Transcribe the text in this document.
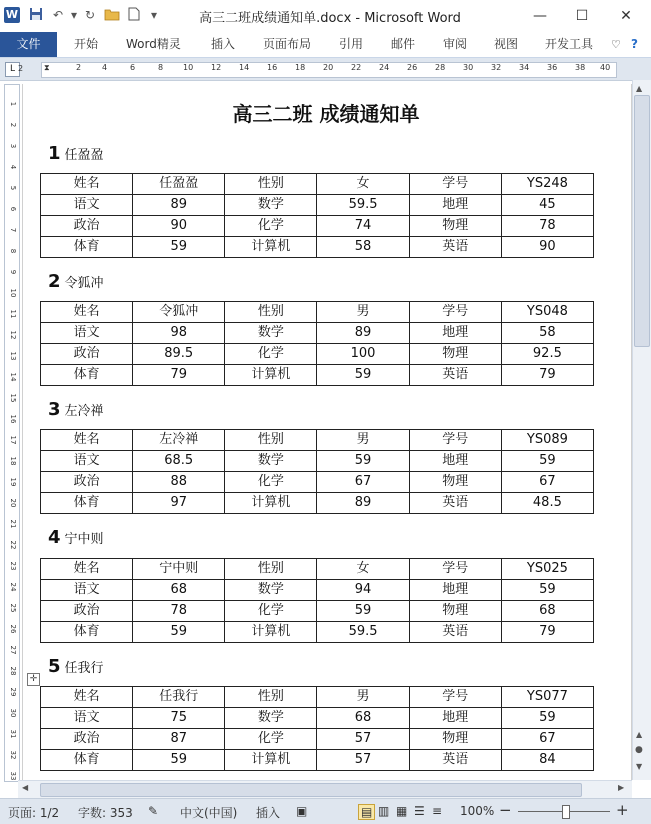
W	↶ ▾ ↻	▾	高三二班成绩通知单.docx - Microsoft Word	—	☐	✕
文件	开始 Word精灵	插入 页面布局 引用 邮件 审阅 视图 开发工具 ♡ ?
L	2	4	6	8 10 12 14 16 18 20 22 24 26 28 30 32 34 36 38 40
⧗
2
1
2
3
4
5
6
7
8
9
10
11
12
13
14
15
16
17
18
19
20
21
22
23
24
25
26
27
28
29
30
31
32
33
高三二班 成绩通知单
1 任盈盈
姓名	任盈盈	性别	女	学号	YS248
语文	89	数学	59.5	地理	45
政治	90	化学	74	物理	78
体育	59	计算机	58	英语	90
2 令狐冲
姓名	令狐冲	性别	男	学号	YS048
语文	98	数学	89	地理	58
政治	89.5	化学	100	物理	92.5
体育	79	计算机	59	英语	79
3 左冷禅
姓名	左冷禅	性别	男	学号	YS089
语文	68.5	数学	59	地理	59
政治	88	化学	67	物理	67
体育	97	计算机	89	英语	48.5
4 宁中则
姓名	宁中则	性别	女	学号	YS025
语文	68	数学	94	地理	59
政治	78	化学	59	物理	68
体育	59	计算机	59.5	英语	79
5 任我行
✛
姓名	任我行	性别	男	学号	YS077
语文	75	数学	68	地理	59
政治	87	化学	57	物理	67
体育	59	计算机	57	英语	84
▲
▲
●
▼
◀	▶
页面: 1/2 字数: 353 ✎ 中文(中国) 插入 ▣	▤ ▥ ▦ ☰ ≡ 100% −	+
